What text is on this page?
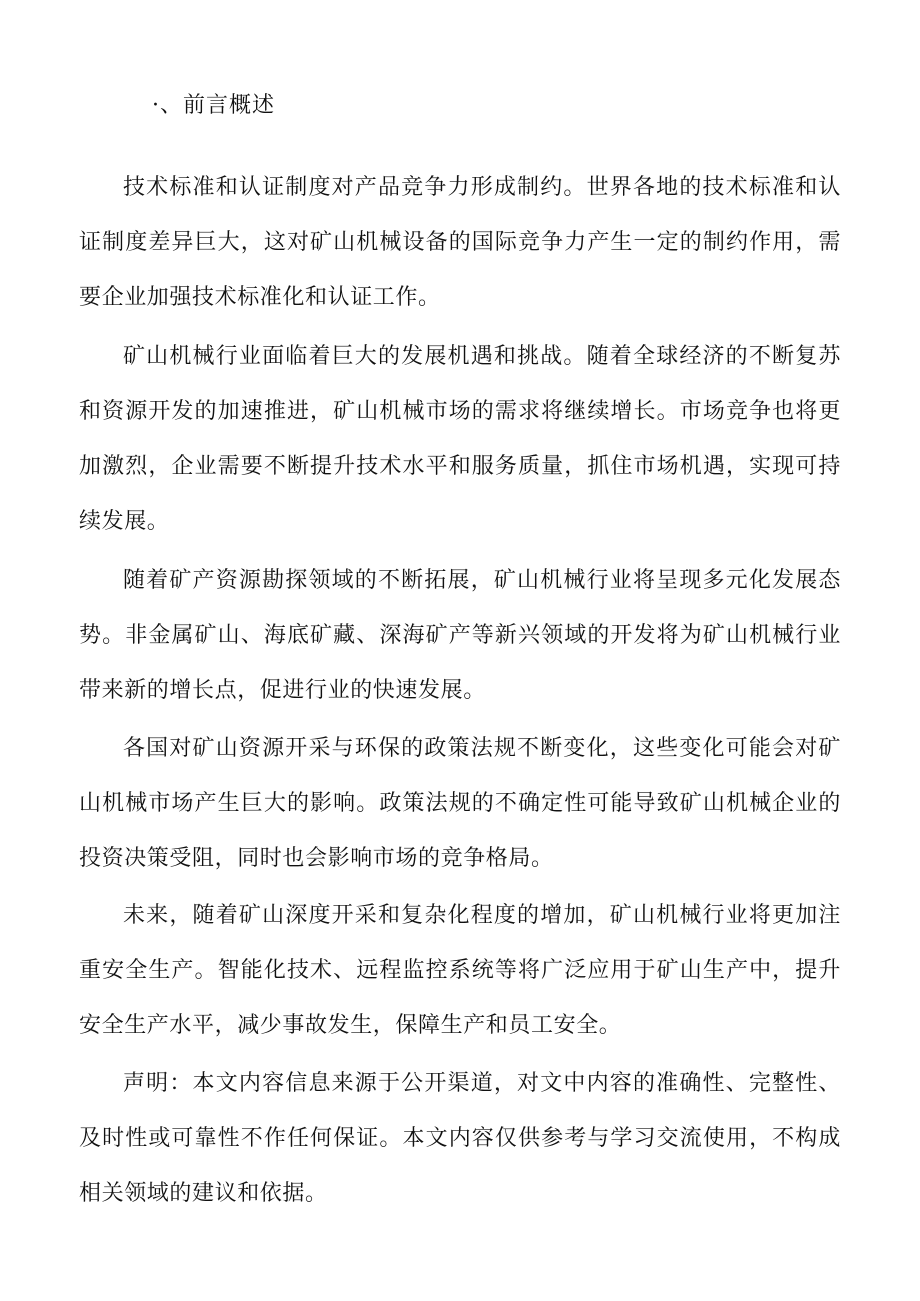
·、前言概述

技术标准和认证制度对产品竞争力形成制约。世界各地的技术标准和认证制度差异巨大，这对矿山机械设备的国际竞争力产生一定的制约作用，需要企业加强技术标准化和认证工作。

矿山机械行业面临着巨大的发展机遇和挑战。随着全球经济的不断复苏和资源开发的加速推进，矿山机械市场的需求将继续增长。市场竞争也将更加激烈，企业需要不断提升技术水平和服务质量，抓住市场机遇，实现可持续发展。

随着矿产资源勘探领域的不断拓展，矿山机械行业将呈现多元化发展态势。非金属矿山、海底矿藏、深海矿产等新兴领域的开发将为矿山机械行业带来新的增长点，促进行业的快速发展。

各国对矿山资源开采与环保的政策法规不断变化，这些变化可能会对矿山机械市场产生巨大的影响。政策法规的不确定性可能导致矿山机械企业的投资决策受阻，同时也会影响市场的竞争格局。

未来，随着矿山深度开采和复杂化程度的增加，矿山机械行业将更加注重安全生产。智能化技术、远程监控系统等将广泛应用于矿山生产中，提升安全生产水平，减少事故发生，保障生产和员工安全。

声明：本文内容信息来源于公开渠道，对文中内容的准确性、完整性、及时性或可靠性不作任何保证。本文内容仅供参考与学习交流使用，不构成相关领域的建议和依据。
